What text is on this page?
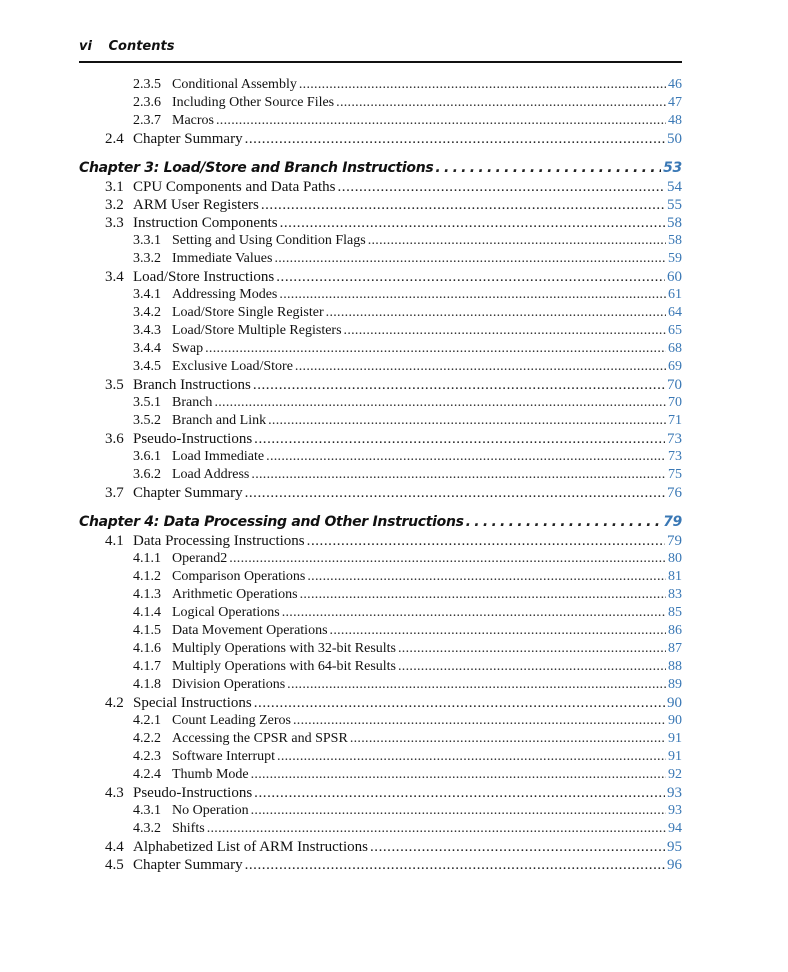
vi Contents
2.3.5 Conditional Assembly . . .	46
2.3.6 Including Other Source Files . . .	47
2.3.7 Macros . . .	48
2.4 Chapter Summary . . .	50
Chapter 3: Load/Store and Branch Instructions . . .	53
3.1 CPU Components and Data Paths . . .	54
3.2 ARM User Registers . . .	55
3.3 Instruction Components . . .	58
3.3.1 Setting and Using Condition Flags . . .	58
3.3.2 Immediate Values . . .	59
3.4 Load/Store Instructions . . .	60
3.4.1 Addressing Modes . . .	61
3.4.2 Load/Store Single Register . . .	64
3.4.3 Load/Store Multiple Registers . . .	65
3.4.4 Swap . . .	68
3.4.5 Exclusive Load/Store . . .	69
3.5 Branch Instructions . . .	70
3.5.1 Branch . . .	70
3.5.2 Branch and Link . . .	71
3.6 Pseudo-Instructions . . .	73
3.6.1 Load Immediate . . .	73
3.6.2 Load Address . . .	75
3.7 Chapter Summary . . .	76
Chapter 4: Data Processing and Other Instructions . . .	79
4.1 Data Processing Instructions . . .	79
4.1.1 Operand2 . . .	80
4.1.2 Comparison Operations . . .	81
4.1.3 Arithmetic Operations . . .	83
4.1.4 Logical Operations . . .	85
4.1.5 Data Movement Operations . . .	86
4.1.6 Multiply Operations with 32-bit Results . . .	87
4.1.7 Multiply Operations with 64-bit Results . . .	88
4.1.8 Division Operations . . .	89
4.2 Special Instructions . . .	90
4.2.1 Count Leading Zeros . . .	90
4.2.2 Accessing the CPSR and SPSR . . .	91
4.2.3 Software Interrupt . . .	91
4.2.4 Thumb Mode . . .	92
4.3 Pseudo-Instructions . . .	93
4.3.1 No Operation . . .	93
4.3.2 Shifts . . .	94
4.4 Alphabetized List of ARM Instructions . . .	95
4.5 Chapter Summary . . .	96
